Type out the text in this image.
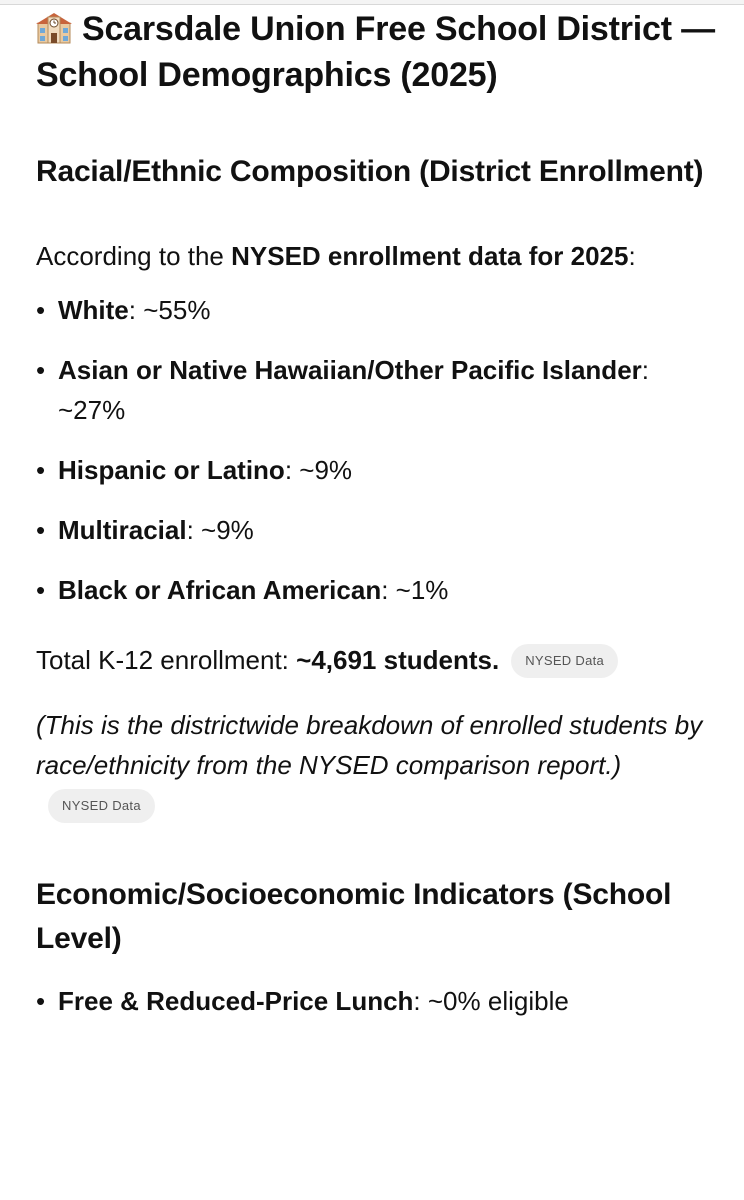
Scarsdale Union Free School District — School Demographics (2025)
Racial/Ethnic Composition (District Enrollment)

According to the NYSED enrollment data for 2025:

• White: ~55%
• Asian or Native Hawaiian/Other Pacific Islander: ~27%
• Hispanic or Latino: ~9%
• Multiracial: ~9%
• Black or African American: ~1%

Total K-12 enrollment: ~4,691 students. NYSED Data

(This is the districtwide breakdown of enrolled students by race/ethnicity from the NYSED comparison report.)NYSED Data

Economic/Socioeconomic Indicators (School Level)
• Free & Reduced-Price Lunch: ~0% eligible
